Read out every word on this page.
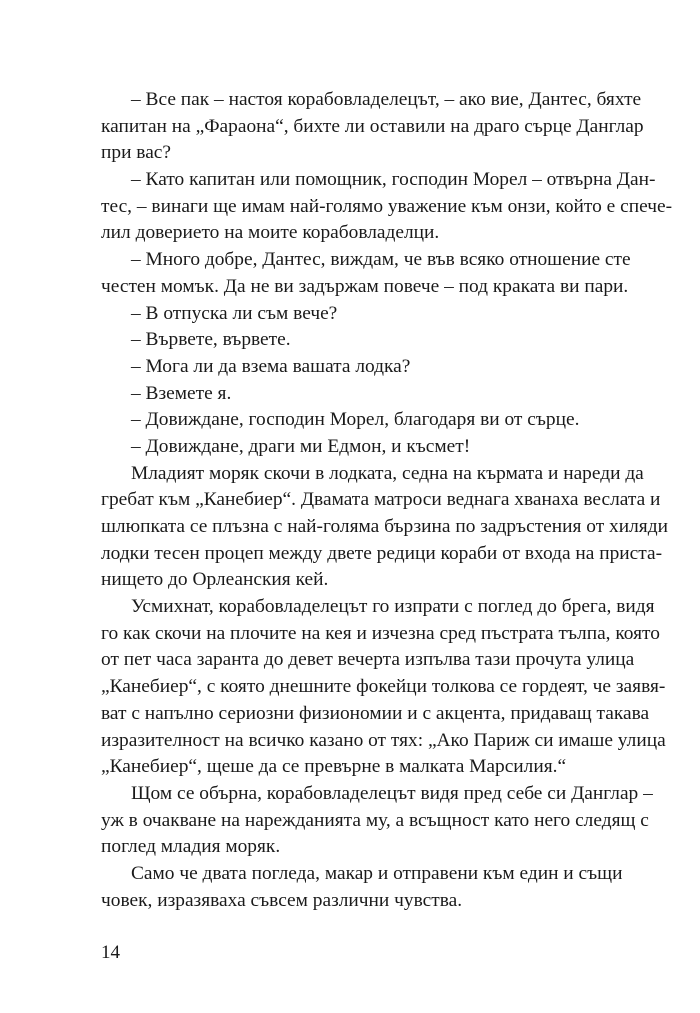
– Все пак – настоя корабовладелецът, – ако вие, Дантес, бяхте
капитан на „Фараона“, бихте ли оставили на драго сърце Данглар
при вас?
– Като капитан или помощник, господин Морел – отвърна Дан-
тес, – винаги ще имам най-голямо уважение към онзи, който е спече-
лил доверието на моите корабовладелци.
– Много добре, Дантес, виждам, че във всяко отношение сте
честен момък. Да не ви задържам повече – под краката ви пари.
– В отпуска ли съм вече?
– Вървете, вървете.
– Мога ли да взема вашата лодка?
– Вземете я.
– Довиждане, господин Морел, благодаря ви от сърце.
– Довиждане, драги ми Едмон, и късмет!
Младият моряк скочи в лодката, седна на кърмата и нареди да
гребат към „Канебиер“. Двамата матроси веднага хванаха веслата и
шлюпката се плъзна с най-голяма бързина по задръстения от хиляди
лодки тесен процеп между двете редици кораби от входа на приста-
нището до Орлеанския кей.
Усмихнат, корабовладелецът го изпрати с поглед до брега, видя
го как скочи на плочите на кея и изчезна сред пъстрата тълпа, която
от пет часа заранта до девет вечерта изпълва тази прочута улица
„Канебиер“, с която днешните фокейци толкова се гордеят, че заявя-
ват с напълно сериозни физиономии и с акцента, придаващ такава
изразителност на всичко казано от тях: „Ако Париж си имаше улица
„Канебиер“, щеше да се превърне в малката Марсилия.“
Щом се обърна, корабовладелецът видя пред себе си Данглар –
уж в очакване на нарежданията му, а всъщност като него следящ с
поглед младия моряк.
Само че двата погледа, макар и отправени към един и същи
човек, изразяваха съвсем различни чувства.
14
